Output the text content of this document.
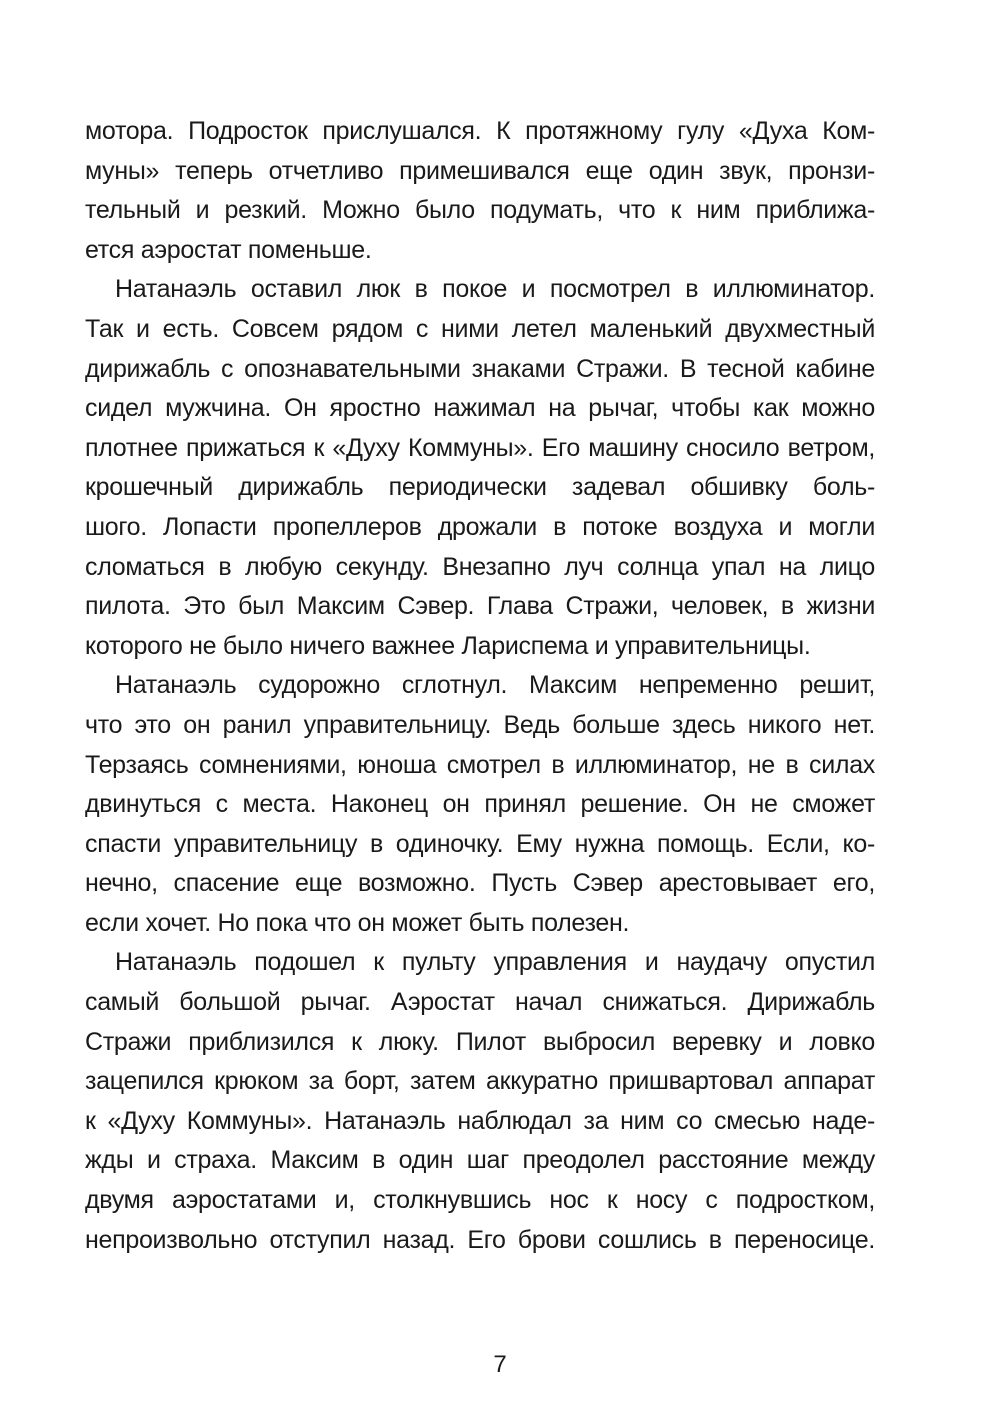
мотора. Подросток прислушался. К протяжному гулу «Духа Ком-
муны» теперь отчетливо примешивался еще один звук, пронзи-
тельный и резкий. Можно было подумать, что к ним приближа-
ется аэростат поменьше.
Натанаэль оставил люк в покое и посмотрел в иллюминатор.
Так и есть. Совсем рядом с ними летел маленький двухместный
дирижабль с опознавательными знаками Стражи. В тесной кабине
сидел мужчина. Он яростно нажимал на рычаг, чтобы как можно
плотнее прижаться к «Духу Коммуны». Его машину сносило ветром,
крошечный дирижабль периодически задевал обшивку боль-
шого. Лопасти пропеллеров дрожали в потоке воздуха и могли
сломаться в любую секунду. Внезапно луч солнца упал на лицо
пилота. Это был Максим Сэвер. Глава Стражи, человек, в жизни
которого не было ничего важнее Лариспема и управительницы.
Натанаэль судорожно сглотнул. Максим непременно решит,
что это он ранил управительницу. Ведь больше здесь никого нет.
Терзаясь сомнениями, юноша смотрел в иллюминатор, не в силах
двинуться с места. Наконец он принял решение. Он не сможет
спасти управительницу в одиночку. Ему нужна помощь. Если, ко-
нечно, спасение еще возможно. Пусть Сэвер арестовывает его,
если хочет. Но пока что он может быть полезен.
Натанаэль подошел к пульту управления и наудачу опустил
самый большой рычаг. Аэростат начал снижаться. Дирижабль
Стражи приблизился к люку. Пилот выбросил веревку и ловко
зацепился крюком за борт, затем аккуратно пришвартовал аппарат
к «Духу Коммуны». Натанаэль наблюдал за ним со смесью наде-
жды и страха. Максим в один шаг преодолел расстояние между
двумя аэростатами и, столкнувшись нос к носу с подростком,
непроизвольно отступил назад. Его брови сошлись в переносице.
7
